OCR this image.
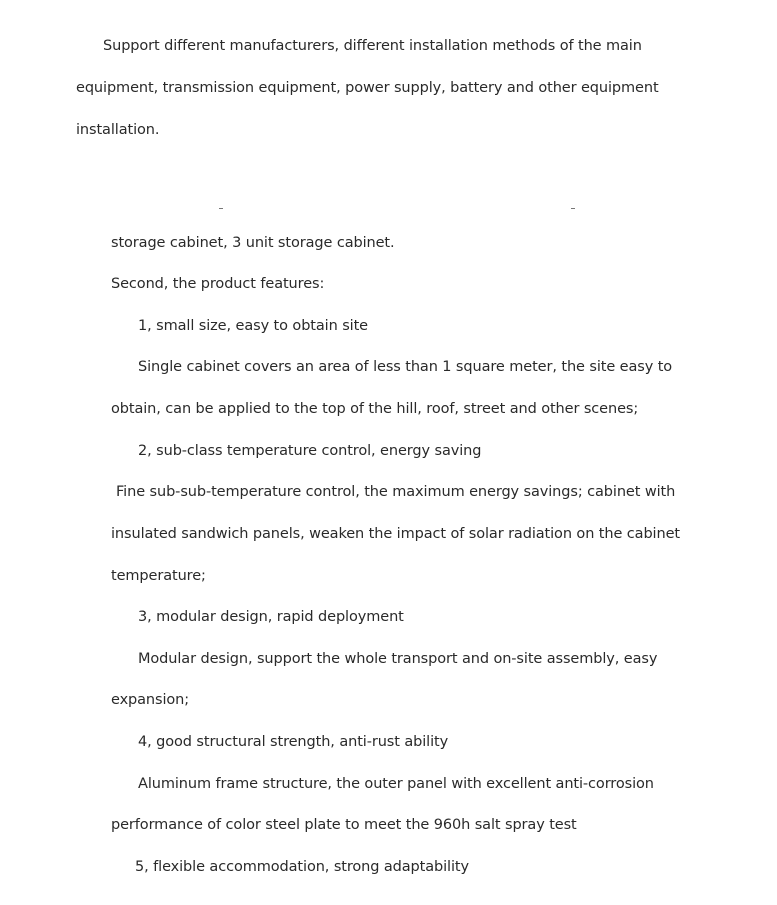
Support different manufacturers, different installation methods of the main
equipment, transmission equipment, power supply, battery and other equipment
installation.
storage cabinet, 3 unit storage cabinet.
Second, the product features:
1, small size, easy to obtain site
Single cabinet covers an area of less than 1 square meter, the site easy to
obtain, can be applied to the top of the hill, roof, street and other scenes;
2, sub-class temperature control, energy saving
Fine sub-sub-temperature control, the maximum energy savings; cabinet with
insulated sandwich panels, weaken the impact of solar radiation on the cabinet
temperature;
3, modular design, rapid deployment
Modular design, support the whole transport and on-site assembly, easy
expansion;
4, good structural strength, anti-rust ability
Aluminum frame structure, the outer panel with excellent anti-corrosion
performance of color steel plate to meet the 960h salt spray test
5, flexible accommodation, strong adaptability
